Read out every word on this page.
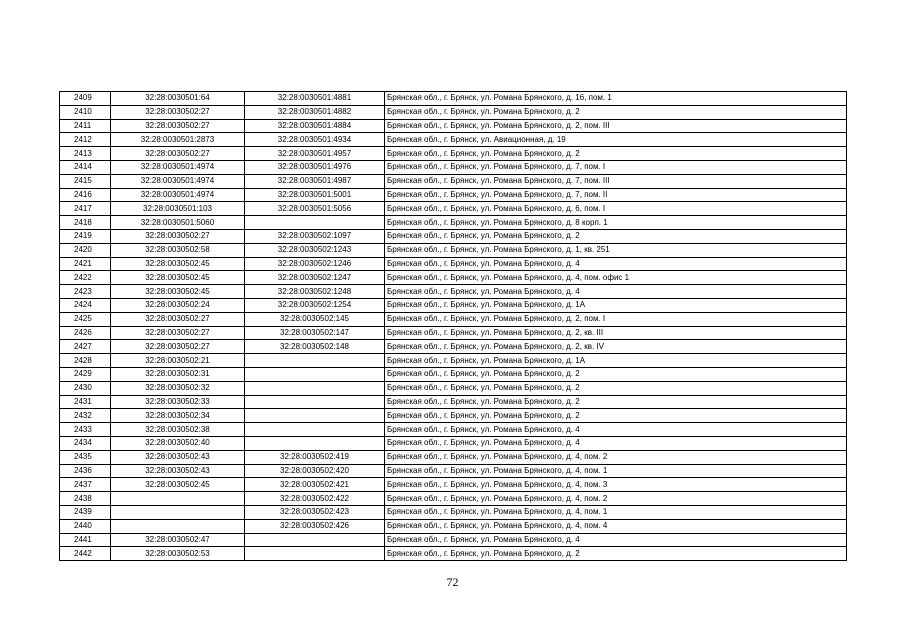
2409	32:28:0030501:64	32:28:0030501:4881	Брянская обл., г. Брянск, ул. Романа Брянского, д. 16, пом. 1
2410	32:28:0030502:27	32:28:0030501:4882	Брянская обл., г. Брянск, ул. Романа Брянского, д. 2
2411	32:28:0030502:27	32:28:0030501:4884	Брянская обл., г. Брянск, ул. Романа Брянского, д. 2, пом. III
2412	32:28:0030501:2873	32:28:0030501:4934	Брянская обл., г. Брянск, ул. Авиационная, д. 19
2413	32:28:0030502:27	32:28:0030501:4957	Брянская обл., г. Брянск, ул. Романа Брянского, д. 2
2414	32:28:0030501:4974	32:28:0030501:4976	Брянская обл., г. Брянск, ул. Романа Брянского, д. 7, пом. I
2415	32:28:0030501:4974	32:28:0030501:4987	Брянская обл., г. Брянск, ул. Романа Брянского, д. 7, пом. III
2416	32:28:0030501:4974	32:28:0030501:5001	Брянская обл., г. Брянск, ул. Романа Брянского, д. 7, пом. II
2417	32:28:0030501:103	32:28:0030501:5056	Брянская обл., г. Брянск, ул. Романа Брянского, д. 6, пом. I
2418	32:28:0030501:5060		Брянская обл., г. Брянск, ул. Романа Брянского, д. 8 корп. 1
2419	32:28:0030502:27	32:28:0030502:1097	Брянская обл., г. Брянск, ул. Романа Брянского, д. 2
2420	32:28:0030502:58	32:28:0030502:1243	Брянская обл., г. Брянск, ул. Романа Брянского, д. 1, кв. 251
2421	32:28:0030502:45	32:28:0030502:1246	Брянская обл., г. Брянск, ул. Романа Брянского, д. 4
2422	32:28:0030502:45	32:28:0030502:1247	Брянская обл., г. Брянск, ул. Романа Брянского, д. 4, пом. офис 1
2423	32:28:0030502:45	32:28:0030502:1248	Брянская обл., г. Брянск, ул. Романа Брянского, д. 4
2424	32:28:0030502:24	32:28:0030502:1254	Брянская обл., г. Брянск, ул. Романа Брянского, д. 1А
2425	32:28:0030502:27	32:28:0030502:145	Брянская обл., г. Брянск, ул. Романа Брянского, д. 2, пом. I
2426	32:28:0030502:27	32:28:0030502:147	Брянская обл., г. Брянск, ул. Романа Брянского, д. 2, кв. III
2427	32:28:0030502:27	32:28:0030502:148	Брянская обл., г. Брянск, ул. Романа Брянского, д. 2, кв. IV
2428	32:28:0030502:21		Брянская обл., г. Брянск, ул. Романа Брянского, д. 1А
2429	32:28:0030502:31		Брянская обл., г. Брянск, ул. Романа Брянского, д. 2
2430	32:28:0030502:32		Брянская обл., г. Брянск, ул. Романа Брянского, д. 2
2431	32:28:0030502:33		Брянская обл., г. Брянск, ул. Романа Брянского, д. 2
2432	32:28:0030502:34		Брянская обл., г. Брянск, ул. Романа Брянского, д. 2
2433	32:28:0030502:38		Брянская обл., г. Брянск, ул. Романа Брянского, д. 4
2434	32:28:0030502:40		Брянская обл., г. Брянск, ул. Романа Брянского, д. 4
2435	32:28:0030502:43	32:28:0030502:419	Брянская обл., г. Брянск, ул. Романа Брянского, д. 4, пом. 2
2436	32:28:0030502:43	32:28:0030502:420	Брянская обл., г. Брянск, ул. Романа Брянского, д. 4, пом. 1
2437	32:28:0030502:45	32:28:0030502:421	Брянская обл., г. Брянск, ул. Романа Брянского, д. 4, пом. 3
2438		32:28:0030502:422	Брянская обл., г. Брянск, ул. Романа Брянского, д. 4, пом. 2
2439		32:28:0030502:423	Брянская обл., г. Брянск, ул. Романа Брянского, д. 4, пом. 1
2440		32:28:0030502:426	Брянская обл., г. Брянск, ул. Романа Брянского, д. 4, пом. 4
2441	32:28:0030502:47		Брянская обл., г. Брянск, ул. Романа Брянского, д. 4
2442	32:28:0030502:53		Брянская обл., г. Брянск, ул. Романа Брянского, д. 2
72
